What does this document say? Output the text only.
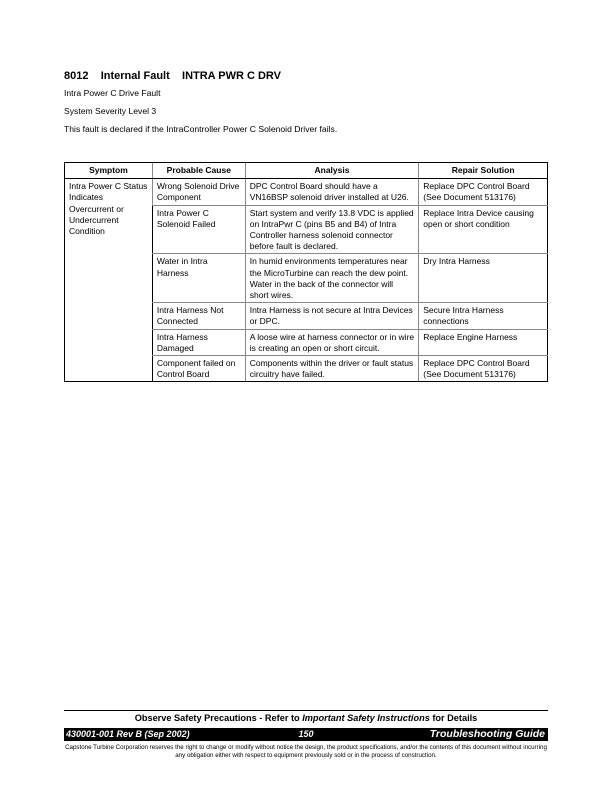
8012 Internal Fault INTRA PWR C DRV
Intra Power C Drive Fault
System Severity Level 3
This fault is declared if the IntraController Power C Solenoid Driver fails.
Symptom	Probable Cause	Analysis	Repair Solution
Intra Power C Status Indicates Overcurrent or Undercurrent Condition	Wrong Solenoid Drive Component	DPC Control Board should have a VN16BSP solenoid driver installed at U26.	Replace DPC Control Board (See Document 513176)
	Intra Power C Solenoid Failed	Start system and verify 13.8 VDC is applied on IntraPwr C (pins B5 and B4) of Intra Controller harness solenoid connector before fault is declared.	Replace Intra Device causing open or short condition
	Water in Intra Harness	In humid environments temperatures near the MicroTurbine can reach the dew point. Water in the back of the connector will short wires.	Dry Intra Harness
	Intra Harness Not Connected	Intra Harness is not secure at Intra Devices or DPC.	Secure Intra Harness connections
	Intra Harness Damaged	A loose wire at harness connector or in wire is creating an open or short circuit.	Replace Engine Harness
	Component failed on Control Board	Components within the driver or fault status circuitry have failed.	Replace DPC Control Board (See Document 513176)
Observe Safety Precautions - Refer to Important Safety Instructions for Details
430001-001 Rev B (Sep 2002)	150	Troubleshooting Guide
Capstone Turbine Corporation reserves the right to change or modify without notice the design, the product specifications, and/or the contents of this document without incurring any obligation either with respect to equipment previously sold or in the process of construction.
